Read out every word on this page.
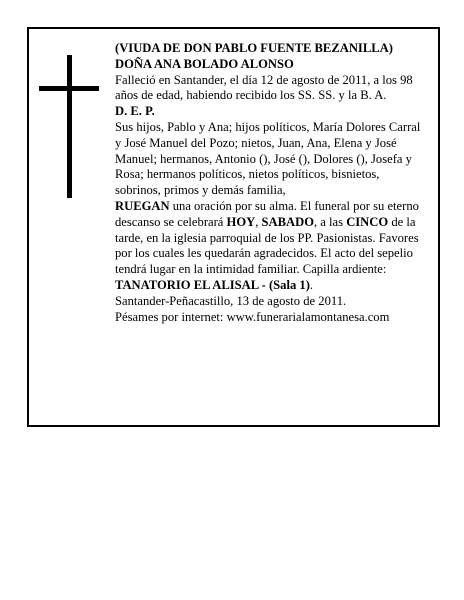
(VIUDA DE DON PABLO FUENTE BEZANILLA)

DOÑA ANA BOLADO ALONSO

Falleció en Santander, el día 12 de agosto de 2011, a los 98 años de edad, habiendo recibido los SS. SS. y la B. A.

D. E. P.

Sus hijos, Pablo y Ana; hijos políticos, María Dolores Carral y José Manuel del Pozo; nietos, Juan, Ana, Elena y José Manuel; hermanos, Antonio (), José (), Dolores (), Josefa y Rosa; hermanos políticos, nietos políticos, bisnietos, sobrinos, primos y demás familia,

RUEGAN una oración por su alma. El funeral por su eterno descanso se celebrará HOY, SABADO, a las CINCO de la tarde, en la iglesia parroquial de los PP. Pasionistas. Favores por los cuales les quedarán agradecidos. El acto del sepelio tendrá lugar en la intimidad familiar. Capilla ardiente: TANATORIO EL ALISAL - (Sala 1).

Santander-Peñacastillo, 13 de agosto de 2011.

Pésames por internet: www.funerarialamontanesa.com
